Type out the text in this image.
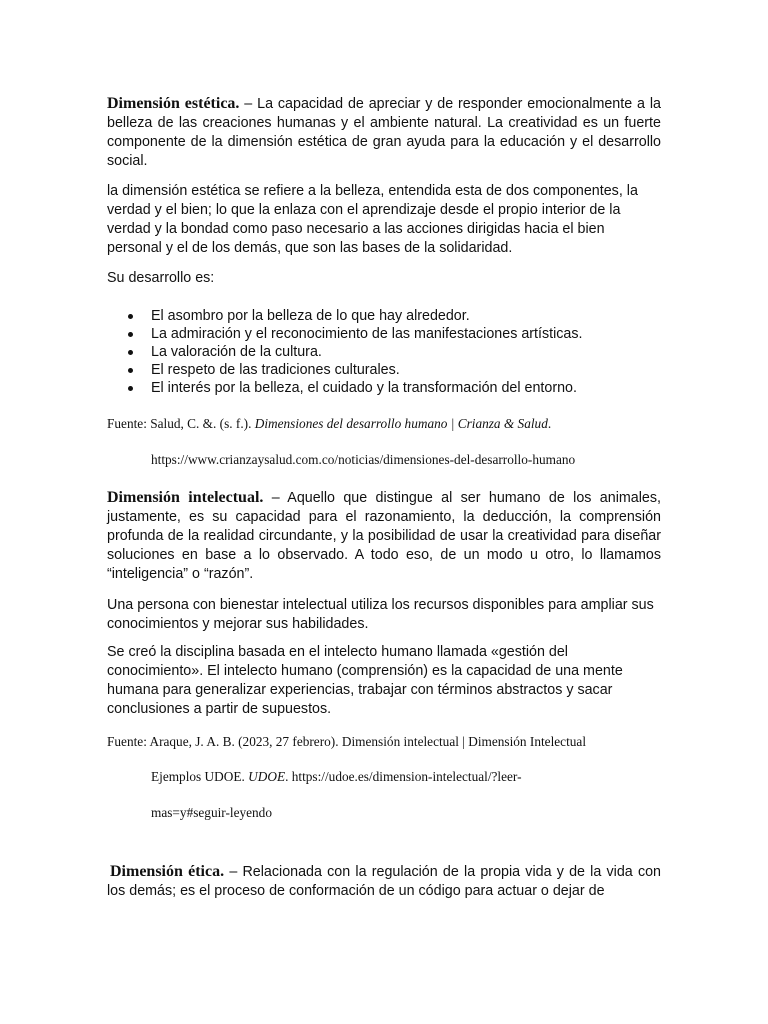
Dimensión estética. – La capacidad de apreciar y de responder emocionalmente a la belleza de las creaciones humanas y el ambiente natural. La creatividad es un fuerte componente de la dimensión estética de gran ayuda para la educación y el desarrollo social.
la dimensión estética se refiere a la belleza, entendida esta de dos componentes, la verdad y el bien; lo que la enlaza con el aprendizaje desde el propio interior de la verdad y la bondad como paso necesario a las acciones dirigidas hacia el bien personal y el de los demás, que son las bases de la solidaridad.
Su desarrollo es:
El asombro por la belleza de lo que hay alrededor.
La admiración y el reconocimiento de las manifestaciones artísticas.
La valoración de la cultura.
El respeto de las tradiciones culturales.
El interés por la belleza, el cuidado y la transformación del entorno.
Fuente: Salud, C. &. (s. f.). Dimensiones del desarrollo humano | Crianza & Salud.
https://www.crianzaysalud.com.co/noticias/dimensiones-del-desarrollo-humano
Dimensión intelectual. – Aquello que distingue al ser humano de los animales, justamente, es su capacidad para el razonamiento, la deducción, la comprensión profunda de la realidad circundante, y la posibilidad de usar la creatividad para diseñar soluciones en base a lo observado. A todo eso, de un modo u otro, lo llamamos “inteligencia” o “razón”.
Una persona con bienestar intelectual utiliza los recursos disponibles para ampliar sus conocimientos y mejorar sus habilidades.
Se creó la disciplina basada en el intelecto humano llamada «gestión del conocimiento». El intelecto humano (comprensión) es la capacidad de una mente humana para generalizar experiencias, trabajar con términos abstractos y sacar conclusiones a partir de supuestos.
Fuente: Araque, J. A. B. (2023, 27 febrero). Dimensión intelectual | Dimensión Intelectual
Ejemplos UDOE. UDOE. https://udoe.es/dimension-intelectual/?leer-
mas=y#seguir-leyendo
Dimensión ética. – Relacionada con la regulación de la propia vida y de la vida con los demás; es el proceso de conformación de un código para actuar o dejar de
